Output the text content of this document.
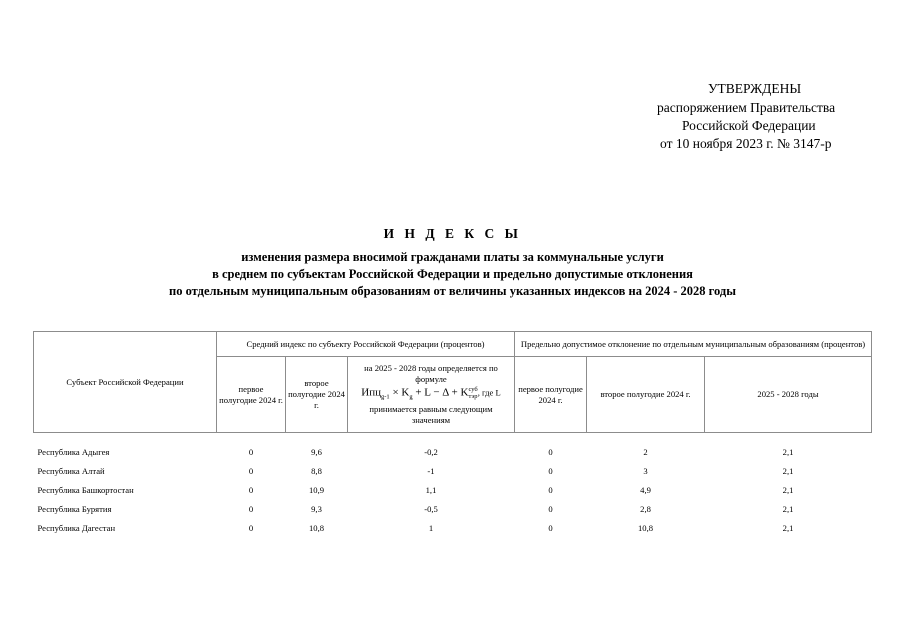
УТВЕРЖДЕНЫ
распоряжением Правительства
Российской Федерации
от 10 ноября 2023 г. № 3147-р
И Н Д Е К С Ы
изменения размера вносимой гражданами платы за коммунальные услуги
в среднем по субъектам Российской Федерации и предельно допустимые отклонения
по отдельным муниципальным образованиям от величины указанных индексов на 2024 - 2028 годы
Субъект Российской Федерации	Средний индекс по субъекту Российской Федерации (процентов)			Предельно допустимое отклонение по отдельным муниципальным образованиям (процентов)		
	первое полугодие 2024 г.	второе полугодие 2024 г.	на 2025 - 2028 годы определяется по формуле
$Ипц_{g-1} \times K_g + L - \Delta$ + Kсуб
тэр, где L принимается равным следующим значениям	первое полугодие 2024 г.	второе полугодие 2024 г.	2025 - 2028 годы
Республика Адыгея	0	9,6	-0,2	0	2	2,1
Республика Алтай	0	8,8	-1	0	3	2,1
Республика Башкортостан	0	10,9	1,1	0	4,9	2,1
Республика Бурятия	0	9,3	-0,5	0	2,8	2,1
Республика Дагестан	0	10,8	1	0	10,8	2,1
